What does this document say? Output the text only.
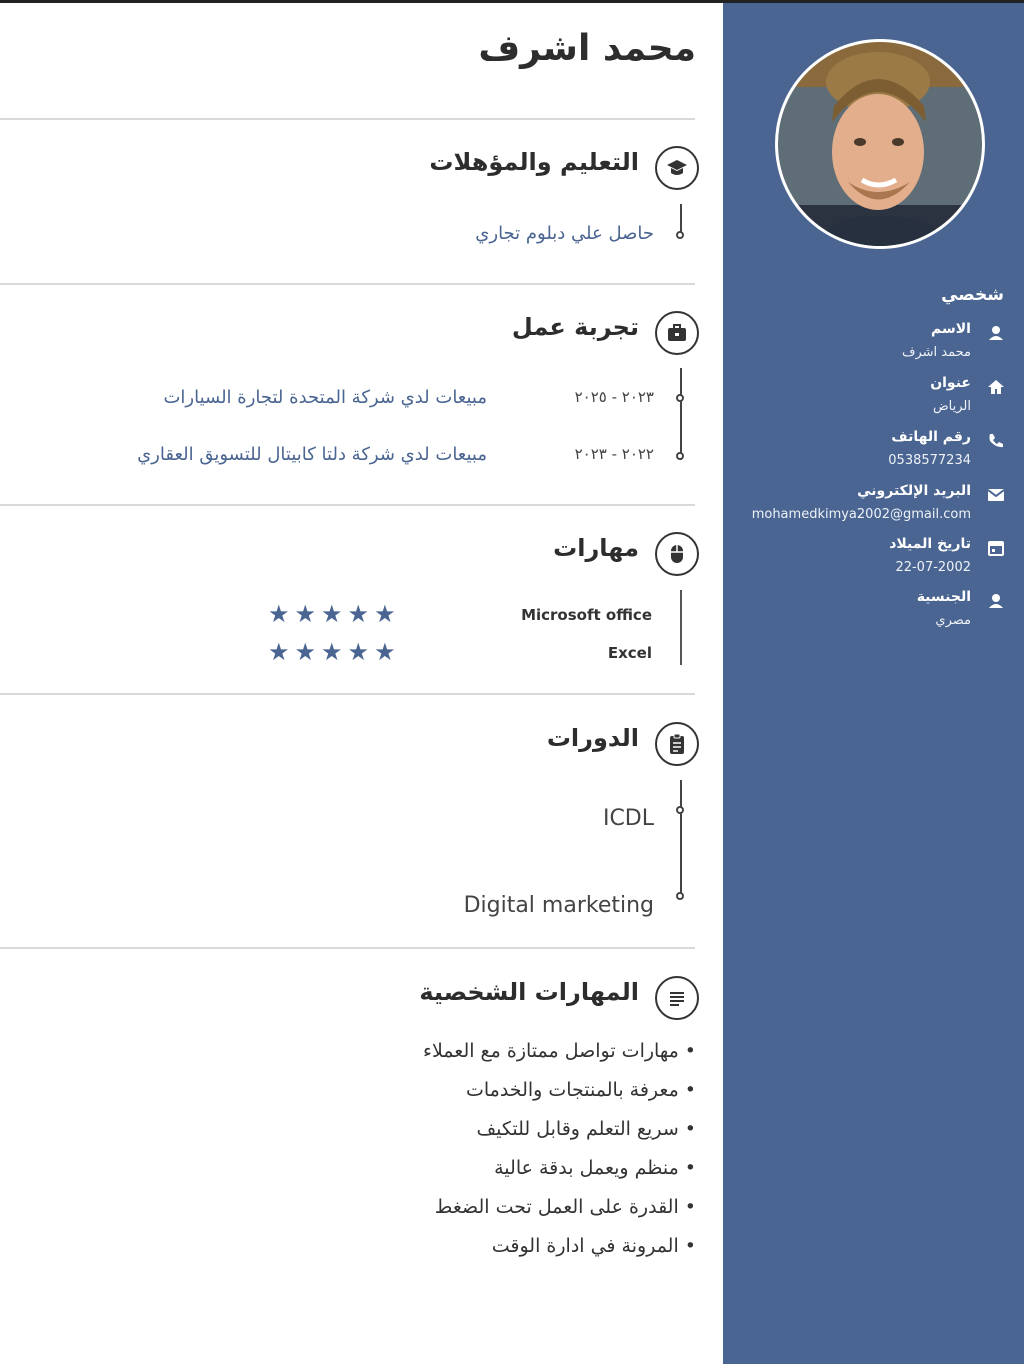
شخصي
الاسم
محمد اشرف
عنوان
الرياض
رقم الهاتف
0538577234
البريد الإلكتروني
mohamedkimya2002@gmail.com
تاريخ الميلاد
22-07-2002
الجنسية
مصري
محمد اشرف
التعليم والمؤهلات
حاصل علي دبلوم تجاري
تجربة عمل
٢٠٢٣ - ٢٠٢٥
مبيعات لدي شركة المتحدة لتجارة السيارات
٢٠٢٢ - ٢٠٢٣
مبيعات لدي شركة دلتا كابيتال للتسويق العقاري
مهارات
Microsoft office
★★★★★
Excel
★★★★★
الدورات
ICDL
Digital marketing
المهارات الشخصية
• مهارات تواصل ممتازة مع العملاء
• معرفة بالمنتجات والخدمات
• سريع التعلم وقابل للتكيف
• منظم ويعمل بدقة عالية
• القدرة على العمل تحت الضغط
• المرونة في ادارة الوقت
